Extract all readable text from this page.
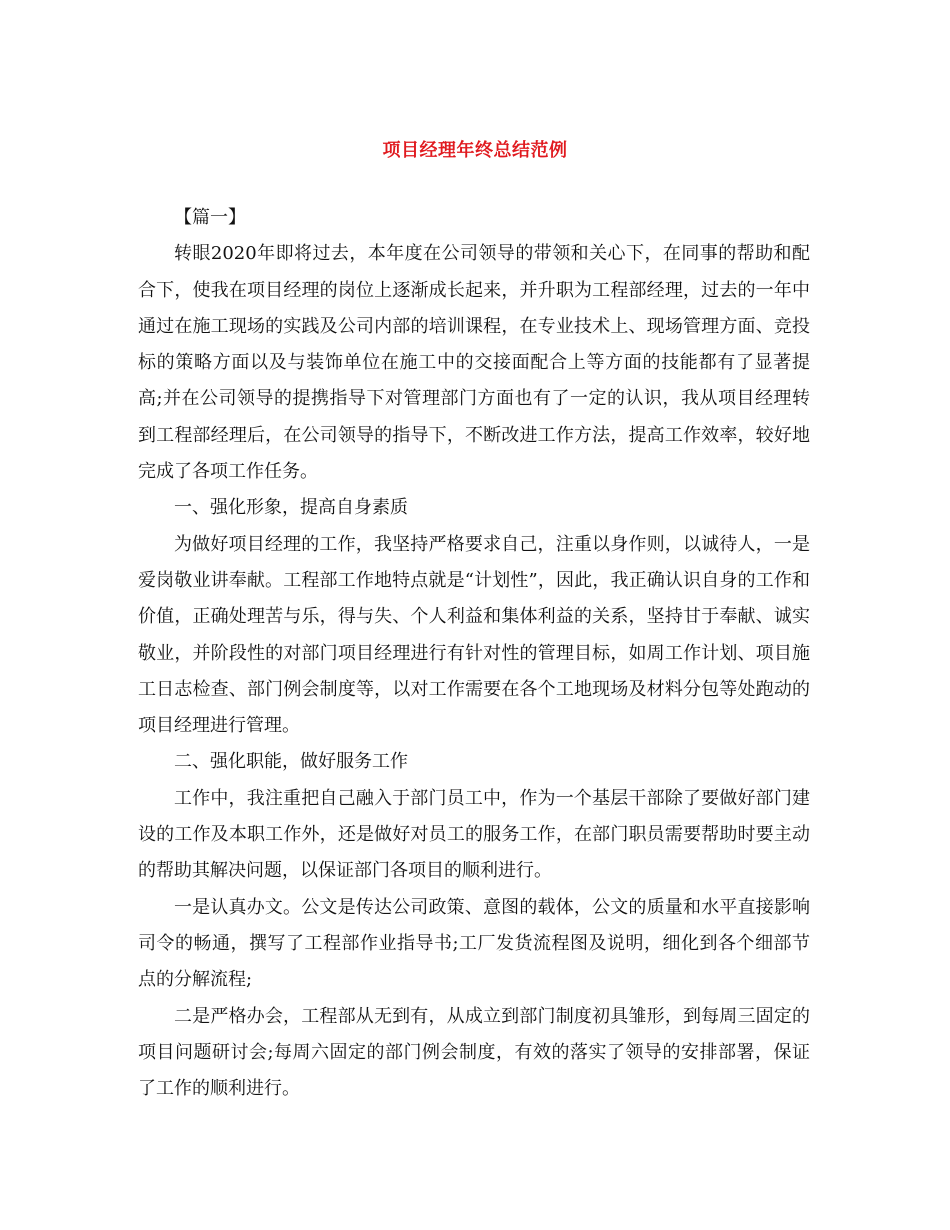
项目经理年终总结范例

【篇一】

转眼2020年即将过去，本年度在公司领导的带领和关心下，在同事的帮助和配合下，使我在项目经理的岗位上逐渐成长起来，并升职为工程部经理，过去的一年中通过在施工现场的实践及公司内部的培训课程，在专业技术上、现场管理方面、竞投标的策略方面以及与装饰单位在施工中的交接面配合上等方面的技能都有了显著提高;并在公司领导的提携指导下对管理部门方面也有了一定的认识，我从项目经理转到工程部经理后，在公司领导的指导下，不断改进工作方法，提高工作效率，较好地完成了各项工作任务。

一、强化形象，提高自身素质

为做好项目经理的工作，我坚持严格要求自己，注重以身作则，以诚待人，一是爱岗敬业讲奉献。工程部工作地特点就是“计划性”，因此，我正确认识自身的工作和价值，正确处理苦与乐，得与失、个人利益和集体利益的关系，坚持甘于奉献、诚实敬业，并阶段性的对部门项目经理进行有针对性的管理目标，如周工作计划、项目施工日志检查、部门例会制度等，以对工作需要在各个工地现场及材料分包等处跑动的项目经理进行管理。

二、强化职能，做好服务工作

工作中，我注重把自己融入于部门员工中，作为一个基层干部除了要做好部门建设的工作及本职工作外，还是做好对员工的服务工作，在部门职员需要帮助时要主动的帮助其解决问题，以保证部门各项目的顺利进行。

一是认真办文。公文是传达公司政策、意图的载体，公文的质量和水平直接影响司令的畅通，撰写了工程部作业指导书;工厂发货流程图及说明，细化到各个细部节点的分解流程;

二是严格办会，工程部从无到有，从成立到部门制度初具雏形，到每周三固定的项目问题研讨会;每周六固定的部门例会制度，有效的落实了领导的安排部署，保证了工作的顺利进行。
